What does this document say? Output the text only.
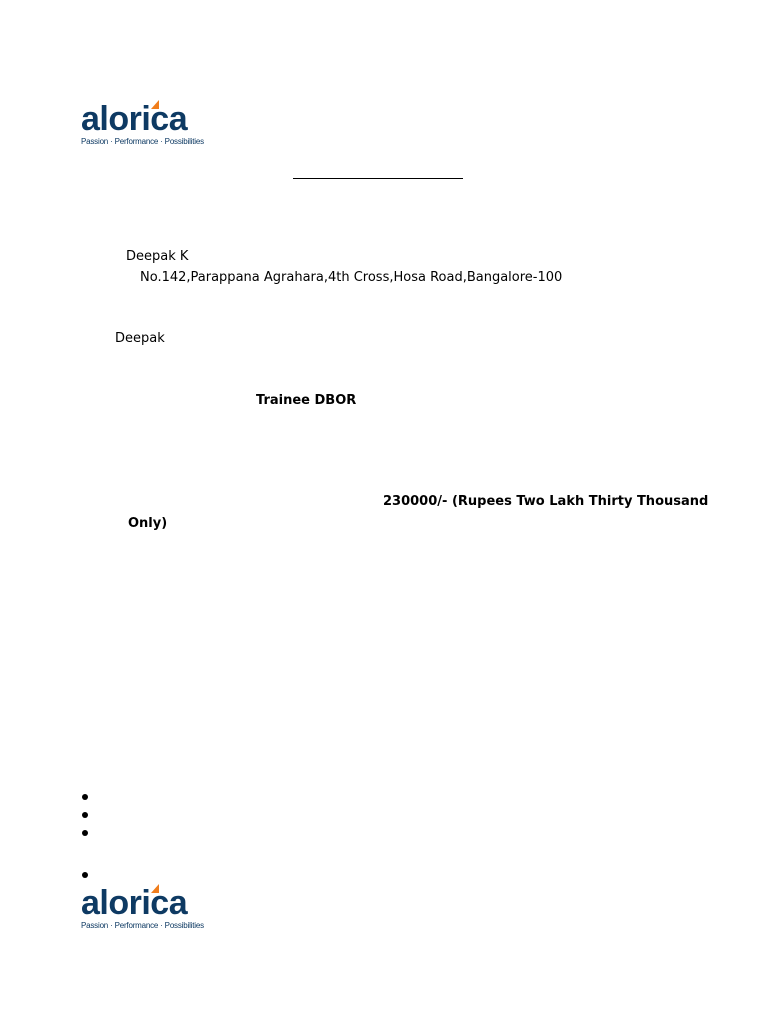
alorica
Passion · Performance · Possibilities
Deepak K
No.142,Parappana Agrahara,4th Cross,Hosa Road,Bangalore-100
Deepak
Trainee DBOR
230000/- (Rupees Two Lakh Thirty Thousand
Only)
alorica
Passion · Performance · Possibilities
